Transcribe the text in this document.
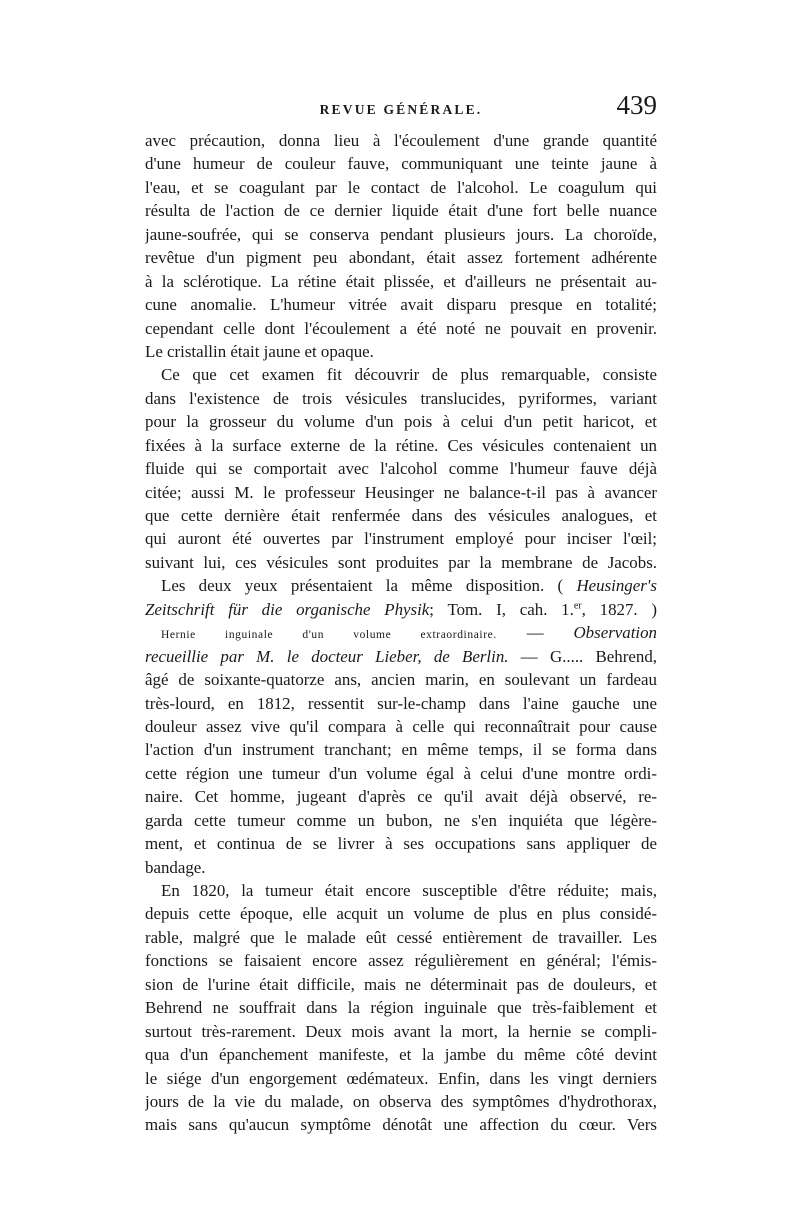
REVUE GÉNÉRALE.	439
avec précaution, donna lieu à l'écoulement d'une grande quantité
d'une humeur de couleur fauve, communiquant une teinte jaune à
l'eau, et se coagulant par le contact de l'alcohol. Le coagulum qui
résulta de l'action de ce dernier liquide était d'une fort belle nuance
jaune-soufrée, qui se conserva pendant plusieurs jours. La choroïde,
revêtue d'un pigment peu abondant, était assez fortement adhérente
à la sclérotique. La rétine était plissée, et d'ailleurs ne présentait au-
cune anomalie. L'humeur vitrée avait disparu presque en totalité;
cependant celle dont l'écoulement a été noté ne pouvait en provenir.
Le cristallin était jaune et opaque.
Ce que cet examen fit découvrir de plus remarquable, consiste
dans l'existence de trois vésicules translucides, pyriformes, variant
pour la grosseur du volume d'un pois à celui d'un petit haricot, et
fixées à la surface externe de la rétine. Ces vésicules contenaient un
fluide qui se comportait avec l'alcohol comme l'humeur fauve déjà
citée; aussi M. le professeur Heusinger ne balance-t-il pas à avancer
que cette dernière était renfermée dans des vésicules analogues, et
qui auront été ouvertes par l'instrument employé pour inciser l'œil;
suivant lui, ces vésicules sont produites par la membrane de Jacobs.
Les deux yeux présentaient la même disposition. ( Heusinger's
Zeitschrift für die organische Physik; Tom. I, cah. 1.$^{er}$, 1827. )
Hernie inguinale d'un volume extraordinaire. — Observation
recueillie par M. le docteur Lieber, de Berlin. — G..... Behrend,
âgé de soixante-quatorze ans, ancien marin, en soulevant un fardeau
très-lourd, en 1812, ressentit sur-le-champ dans l'aine gauche une
douleur assez vive qu'il compara à celle qui reconnaîtrait pour cause
l'action d'un instrument tranchant; en même temps, il se forma dans
cette région une tumeur d'un volume égal à celui d'une montre ordi-
naire. Cet homme, jugeant d'après ce qu'il avait déjà observé, re-
garda cette tumeur comme un bubon, ne s'en inquiéta que légère-
ment, et continua de se livrer à ses occupations sans appliquer de
bandage.
En 1820, la tumeur était encore susceptible d'être réduite; mais,
depuis cette époque, elle acquit un volume de plus en plus considé-
rable, malgré que le malade eût cessé entièrement de travailler. Les
fonctions se faisaient encore assez régulièrement en général; l'émis-
sion de l'urine était difficile, mais ne déterminait pas de douleurs, et
Behrend ne souffrait dans la région inguinale que très-faiblement et
surtout très-rarement. Deux mois avant la mort, la hernie se compli-
qua d'un épanchement manifeste, et la jambe du même côté devint
le siége d'un engorgement œdémateux. Enfin, dans les vingt derniers
jours de la vie du malade, on observa des symptômes d'hydrothorax,
mais sans qu'aucun symptôme dénotât une affection du cœur. Vers
